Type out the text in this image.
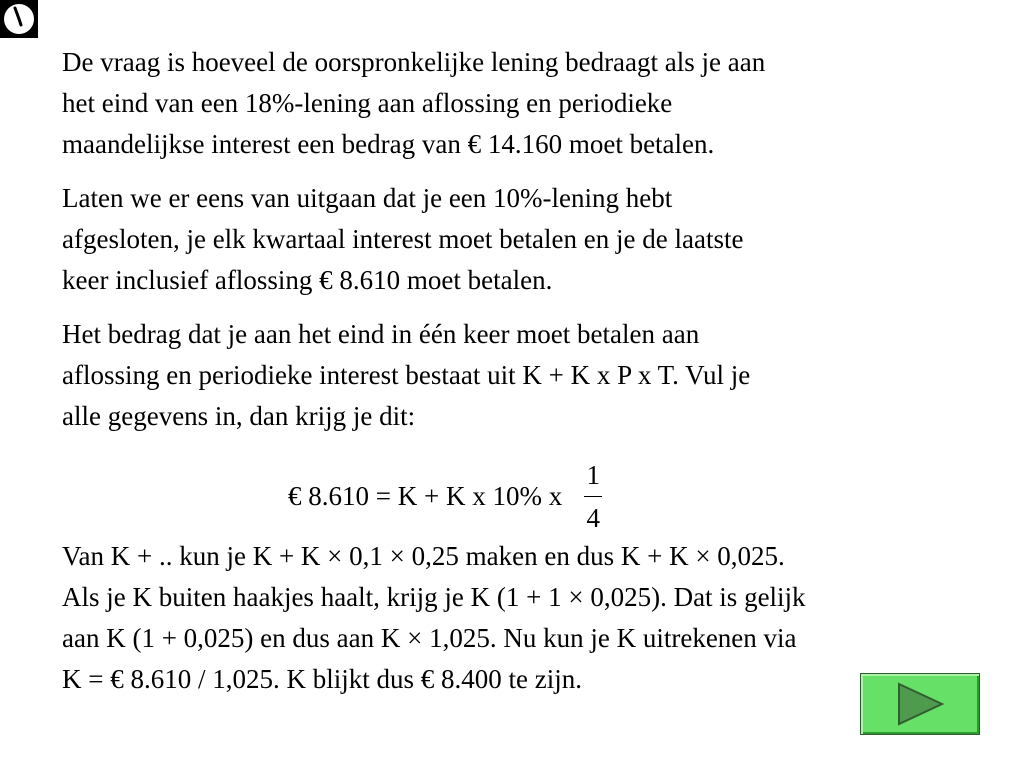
De vraag is hoeveel de oorspronkelijke lening bedraagt als je aan
het eind van een 18%-lening aan aflossing en periodieke
maandelijkse interest een bedrag van € 14.160 moet betalen.

Laten we er eens van uitgaan dat je een 10%-lening hebt
afgesloten, je elk kwartaal interest moet betalen en je de laatste
keer inclusief aflossing € 8.610 moet betalen.

Het bedrag dat je aan het eind in één keer moet betalen aan
aflossing en periodieke interest bestaat uit K + K x P x T. Vul je
alle gegevens in, dan krijg je dit:

€ 8.610 = K + K x 10% x $\frac{1}{4}$

Van K + .. kun je K + K × 0,1 × 0,25 maken en dus K + K × 0,025.
Als je K buiten haakjes haalt, krijg je K (1 + 1 × 0,025). Dat is gelijk
aan K (1 + 0,025) en dus aan K × 1,025. Nu kun je K uitrekenen via
K = € 8.610 / 1,025. K blijkt dus € 8.400 te zijn.
